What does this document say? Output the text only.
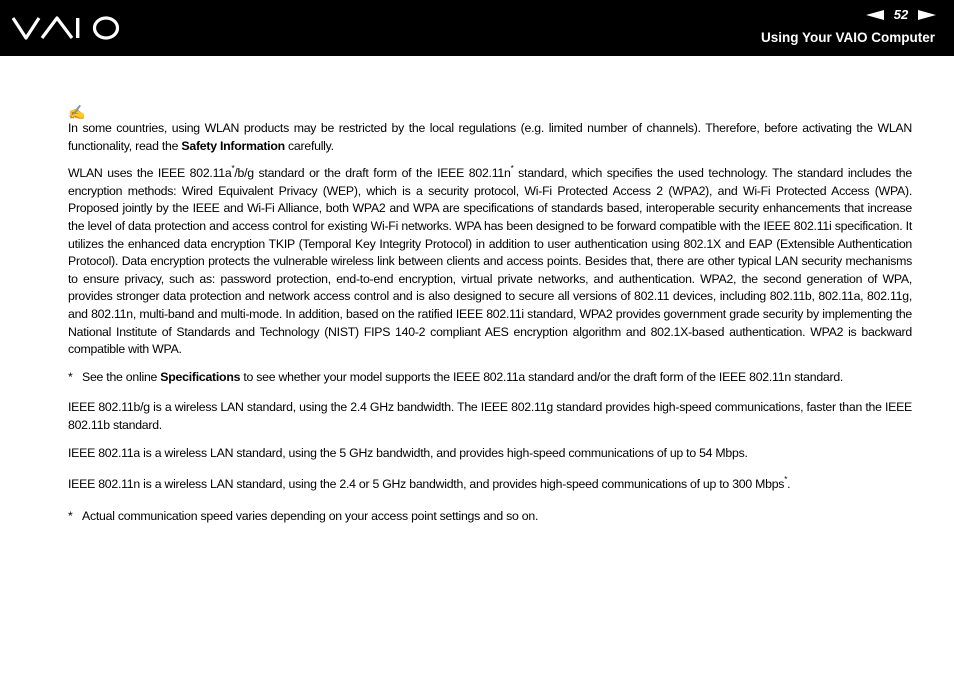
52
Using Your VAIO Computer
✍

In some countries, using WLAN products may be restricted by the local regulations (e.g. limited number of channels). Therefore, before activating the WLAN functionality, read the Safety Information carefully.

WLAN uses the IEEE 802.11a*/b/g standard or the draft form of the IEEE 802.11n* standard, which specifies the used technology. The standard includes the encryption methods: Wired Equivalent Privacy (WEP), which is a security protocol, Wi-Fi Protected Access 2 (WPA2), and Wi-Fi Protected Access (WPA). Proposed jointly by the IEEE and Wi-Fi Alliance, both WPA2 and WPA are specifications of standards based, interoperable security enhancements that increase the level of data protection and access control for existing Wi-Fi networks. WPA has been designed to be forward compatible with the IEEE 802.11i specification. It utilizes the enhanced data encryption TKIP (Temporal Key Integrity Protocol) in addition to user authentication using 802.1X and EAP (Extensible Authentication Protocol). Data encryption protects the vulnerable wireless link between clients and access points. Besides that, there are other typical LAN security mechanisms to ensure privacy, such as: password protection, end-to-end encryption, virtual private networks, and authentication. WPA2, the second generation of WPA, provides stronger data protection and network access control and is also designed to secure all versions of 802.11 devices, including 802.11b, 802.11a, 802.11g, and 802.11n, multi-band and multi-mode. In addition, based on the ratified IEEE 802.11i standard, WPA2 provides government grade security by implementing the National Institute of Standards and Technology (NIST) FIPS 140-2 compliant AES encryption algorithm and 802.1X-based authentication. WPA2 is backward compatible with WPA.

* See the online Specifications to see whether your model supports the IEEE 802.11a standard and/or the draft form of the IEEE 802.11n standard.

IEEE 802.11b/g is a wireless LAN standard, using the 2.4 GHz bandwidth. The IEEE 802.11g standard provides high-speed communications, faster than the IEEE 802.11b standard.

IEEE 802.11a is a wireless LAN standard, using the 5 GHz bandwidth, and provides high-speed communications of up to 54 Mbps.

IEEE 802.11n is a wireless LAN standard, using the 2.4 or 5 GHz bandwidth, and provides high-speed communications of up to 300 Mbps*.

* Actual communication speed varies depending on your access point settings and so on.
